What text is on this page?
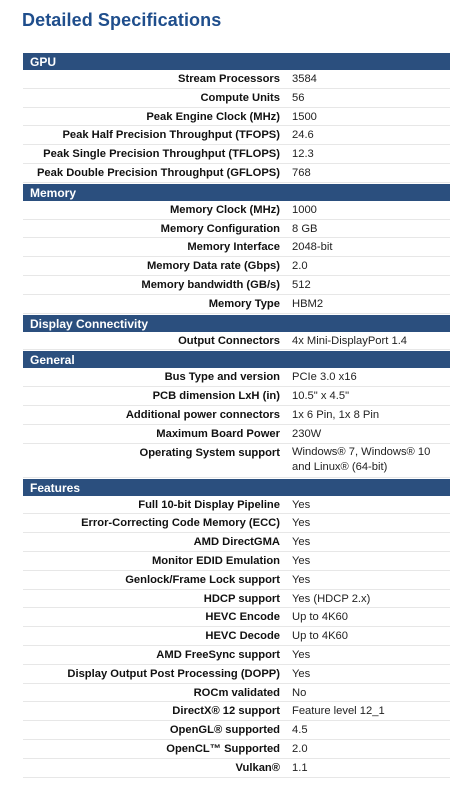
Detailed Specifications
GPU
Stream Processors	3584
Compute Units	56
Peak Engine Clock (MHz)	1500
Peak Half Precision Throughput (TFOPS)	24.6
Peak Single Precision Throughput (TFLOPS)	12.3
Peak Double Precision Throughput (GFLOPS)	768
Memory
Memory Clock (MHz)	1000
Memory Configuration	8 GB
Memory Interface	2048-bit
Memory Data rate (Gbps)	2.0
Memory bandwidth (GB/s)	512
Memory Type	HBM2
Display Connectivity
Output Connectors	4x Mini-DisplayPort 1.4
General
Bus Type and version	PCIe 3.0 x16
PCB dimension LxH (in)	10.5" x 4.5"
Additional power connectors	1x 6 Pin, 1x 8 Pin
Maximum Board Power	230W
Operating System support	Windows® 7, Windows® 10 and Linux® (64-bit)
Features
Full 10-bit Display Pipeline	Yes
Error-Correcting Code Memory (ECC)	Yes
AMD DirectGMA	Yes
Monitor EDID Emulation	Yes
Genlock/Frame Lock support	Yes
HDCP support	Yes (HDCP 2.x)
HEVC Encode	Up to 4K60
HEVC Decode	Up to 4K60
AMD FreeSync support	Yes
Display Output Post Processing (DOPP)	Yes
ROCm validated	No
DirectX® 12 support	Feature level 12_1
OpenGL® supported	4.5
OpenCL™ Supported	2.0
Vulkan®	1.1
